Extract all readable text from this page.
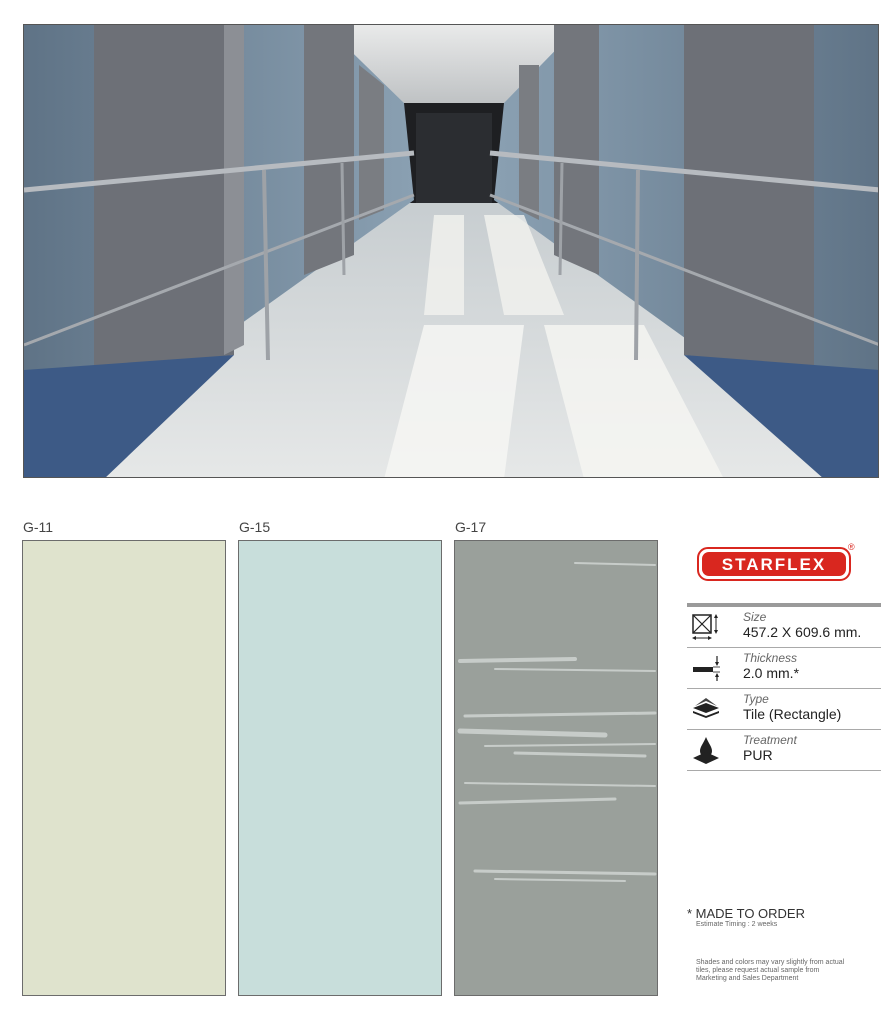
G-11	G-15	G-17
STARFLEX
®
Size
457.2 X 609.6 mm.
Thickness
2.0 mm.*
Type
Tile (Rectangle)
Treatment
PUR
* MADE TO ORDER
Estimate Timing : 2 weeks
Shades and colors may vary slightly from actual tiles, please request actual sample from Marketing and Sales Department
